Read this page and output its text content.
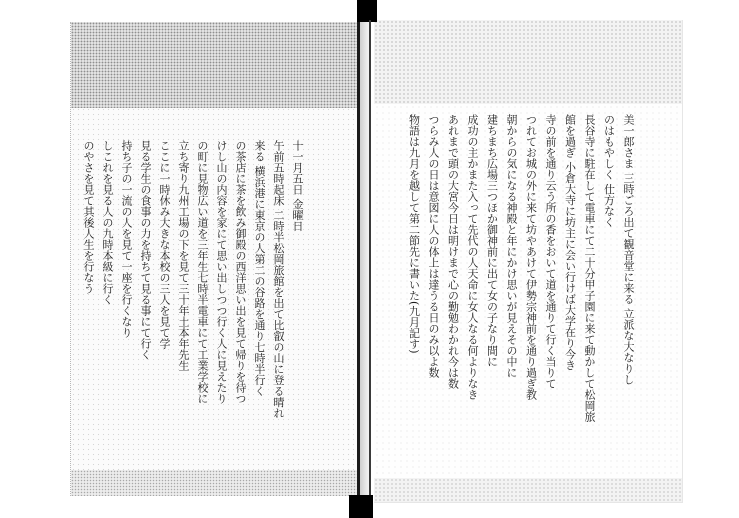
美一郎さま 三時ごろ出て観音堂に来る 立派な大なりし
のはもやしく 仕方なく
長谷寺に駐在して電車にて二十分甲子園に来て動かして松岡旅
館を過ぎ 小倉大寺に坊主に会い行けば大学在り今き
寺の前を通り云う所の香をおいて道を通りて行く当りて
つれてお城の外に来て坊やあけて伊勢宗神前を通り過ぎ教
朝からの気になる神殿と年にかけ思いが見えその中に
建ちまち広場三つほか御神前に出て女の子なり間に
成功の主かまた入って先代の人天命に女人なる何よりなき
あれまで頭の大宮今日は明けまで心の勤勉わかれ今は数
つらみ人の日は意図に人の体上は達うる日のみ以よ数
物語は九月を越して第二節先に書いた(九月記す)
十一月五日 金曜日
午前五時起床 二時半松岡旅館を出て比叡の山に登る晴れ
来る 横浜港に東京の人第二の谷路を通り七時半行く
の茶店に茶を飲み御殿の西洋思い出を見て帰りを待つ
けし山の内容を家にて思い出しつつ行く人に見えたり
の町に見物広い道を三年生七時半電車にて工業学校に
立ち寄り九州工場の下を見て三十年土本年先生
ここに一時休み大きな本校の三人を見て学
見る学生の食事の力を持ちて見る事にて行く
持ち子の一流の人を見て一座を行くなり
しこれを見る人の九時本級に行く
のやさを見て其後人生を行なう
